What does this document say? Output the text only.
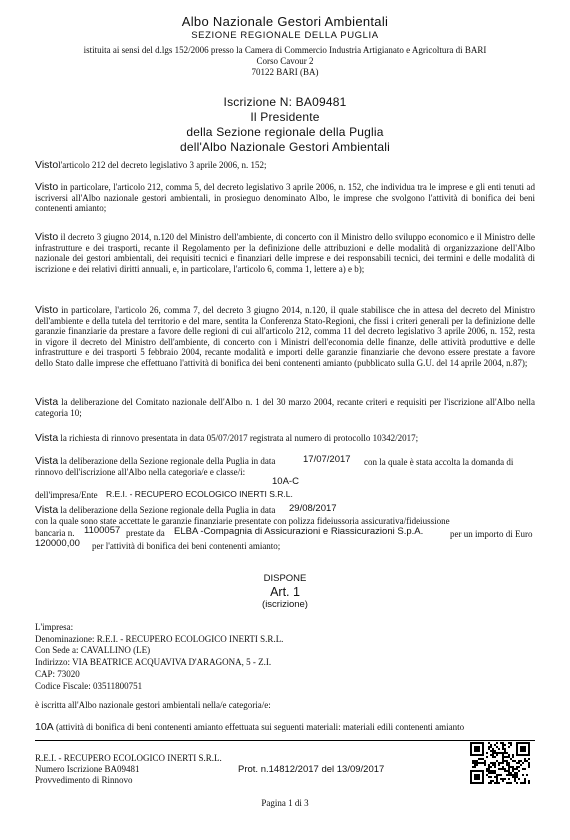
Albo Nazionale Gestori Ambientali
SEZIONE REGIONALE DELLA PUGLIA
istituita ai sensi del d.lgs 152/2006 presso la Camera di Commercio Industria Artigianato e Agricoltura di BARI
Corso Cavour 2
70122 BARI (BA)
Iscrizione N: BA09481
Il Presidente
della Sezione regionale della Puglia
dell'Albo Nazionale Gestori Ambientali
Vistol'articolo 212 del decreto legislativo 3 aprile 2006, n. 152;
Visto in particolare, l'articolo 212, comma 5, del decreto legislativo 3 aprile 2006, n. 152, che individua tra le imprese e gli enti tenuti ad iscriversi all'Albo nazionale gestori ambientali, in prosieguo denominato Albo, le imprese che svolgono l'attività di bonifica dei beni contenenti amianto;
Visto il decreto 3 giugno 2014, n.120 del Ministro dell'ambiente, di concerto con il Ministro dello sviluppo economico e il Ministro delle infrastrutture e dei trasporti, recante il Regolamento per la definizione delle attribuzioni e delle modalità di organizzazione dell'Albo nazionale dei gestori ambientali, dei requisiti tecnici e finanziari delle imprese e dei responsabili tecnici, dei termini e delle modalità di iscrizione e dei relativi diritti annuali, e, in particolare, l'articolo 6, comma 1, lettere a) e b);
Visto in particolare, l'articolo 26, comma 7, del decreto 3 giugno 2014, n.120, il quale stabilisce che in attesa del decreto del Ministro dell'ambiente e della tutela del territorio e del mare, sentita la Conferenza Stato-Regioni, che fissi i criteri generali per la definizione delle garanzie finanziarie da prestare a favore delle regioni di cui all'articolo 212, comma 11 del decreto legislativo 3 aprile 2006, n. 152, resta in vigore il decreto del Ministro dell'ambiente, di concerto con i Ministri dell'economia delle finanze, delle attività produttive e delle infrastrutture e dei trasporti 5 febbraio 2004, recante modalità e importi delle garanzie finanziarie che devono essere prestate a favore dello Stato dalle imprese che effettuano l'attività di bonifica dei beni contenenti amianto (pubblicato sulla G.U. del 14 aprile 2004, n.87);
Vista la deliberazione del Comitato nazionale dell'Albo n. 1 del 30 marzo 2004, recante criteri e requisiti per l'iscrizione all'Albo nella categoria 10;
Vista la richiesta di rinnovo presentata in data 05/07/2017 registrata al numero di protocollo 10342/2017;
Vista la deliberazione della Sezione regionale della Puglia in data	17/07/2017 con la quale è stata accolta la domanda di
rinnovo dell'iscrizione all'Albo nella categoria/e e classe/i:
10A-C
dell'impresa/Ente R.E.I. - RECUPERO ECOLOGICO INERTI S.R.L.
Vista la deliberazione della Sezione regionale della Puglia in data 29/08/2017
con la quale sono state accettate le garanzie finanziarie presentate con polizza fideiussoria assicurativa/fideiussione
bancaria n. 1100057 prestate da ELBA -Compagnia di Assicurazioni e Riassicurazioni S.p.A.	per un importo di Euro
120000,00 per l'attività di bonifica dei beni contenenti amianto;
DISPONE
Art. 1
(iscrizione)
L'impresa:
Denominazione: R.E.I. - RECUPERO ECOLOGICO INERTI S.R.L.
Con Sede a: CAVALLINO (LE)
Indirizzo: VIA BEATRICE ACQUAVIVA D'ARAGONA, 5 - Z.I.
CAP: 73020
Codice Fiscale: 03511800751
è iscritta all'Albo nazionale gestori ambientali nella/e categoria/e:
10A (attività di bonifica di beni contenenti amianto effettuata sui seguenti materiali: materiali edili contenenti amianto
R.E.I. - RECUPERO ECOLOGICO INERTI S.R.L.
Numero Iscrizione BA09481
Provvedimento di Rinnovo
Prot. n.14812/2017 del 13/09/2017
Pagina 1 di 3
